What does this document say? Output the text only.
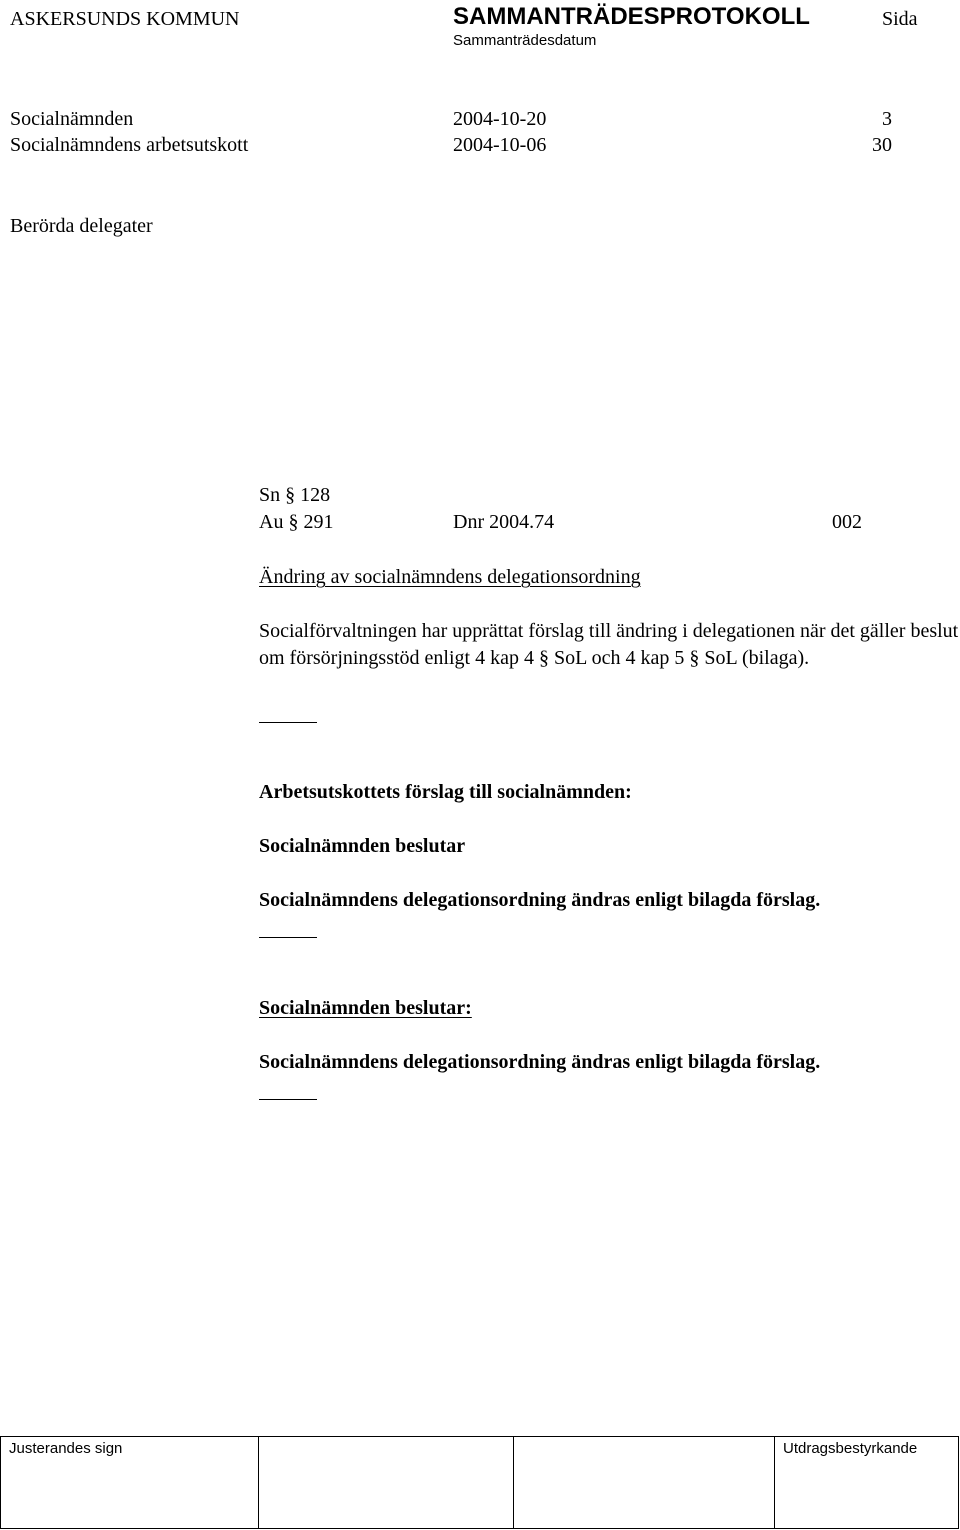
ASKERSUNDS KOMMUN	SAMMANTRÄDESPROTOKOLL
Sammanträdesdatum
Sida
Socialnämnden	2004-10-20	3
Socialnämndens arbetsutskott	2004-10-06	30
Berörda delegater
Sn § 128
Au § 291	Dnr 2004.74	002
Ändring av socialnämndens delegationsordning
Socialförvaltningen har upprättat förslag till ändring i delegationen när det gäller beslut om försörjningsstöd enligt 4 kap 4 § SoL och 4 kap 5 § SoL (bilaga).
Arbetsutskottets förslag till socialnämnden:
Socialnämnden beslutar
Socialnämndens delegationsordning ändras enligt bilagda förslag.
Socialnämnden beslutar:
Socialnämndens delegationsordning ändras enligt bilagda förslag.
Justerandes sign			Utdragsbestyrkande
